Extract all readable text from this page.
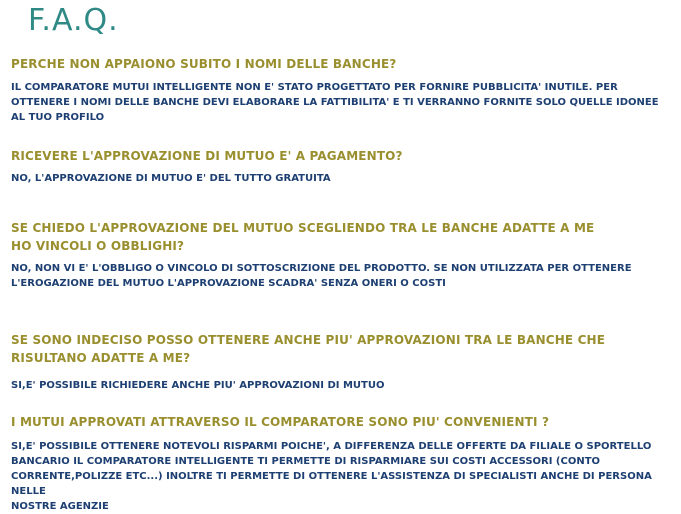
F.A.Q.
PERCHE NON APPAIONO SUBITO I NOMI DELLE BANCHE?
IL COMPARATORE MUTUI INTELLIGENTE NON E' STATO PROGETTATO PER FORNIRE PUBBLICITA' INUTILE. PER
OTTENERE I NOMI DELLE BANCHE DEVI ELABORARE LA FATTIBILITA' E TI VERRANNO FORNITE SOLO QUELLE IDONEE
AL TUO PROFILO
RICEVERE L'APPROVAZIONE DI MUTUO E' A PAGAMENTO?
NO, L'APPROVAZIONE DI MUTUO E' DEL TUTTO GRATUITA
SE CHIEDO L'APPROVAZIONE DEL MUTUO SCEGLIENDO TRA LE BANCHE ADATTE A ME
HO VINCOLI O OBBLIGHI?
NO, NON VI E' L'OBBLIGO O VINCOLO DI SOTTOSCRIZIONE DEL PRODOTTO. SE NON UTILIZZATA PER OTTENERE
L'EROGAZIONE DEL MUTUO L'APPROVAZIONE SCADRA' SENZA ONERI O COSTI
SE SONO INDECISO POSSO OTTENERE ANCHE PIU' APPROVAZIONI TRA LE BANCHE CHE
RISULTANO ADATTE A ME?
SI,E' POSSIBILE RICHIEDERE ANCHE PIU' APPROVAZIONI DI MUTUO
I MUTUI APPROVATI ATTRAVERSO IL COMPARATORE SONO PIU' CONVENIENTI ?
SI,E' POSSIBILE OTTENERE NOTEVOLI RISPARMI POICHE', A DIFFERENZA DELLE OFFERTE DA FILIALE O SPORTELLO
BANCARIO IL COMPARATORE INTELLIGENTE TI PERMETTE DI RISPARMIARE SUI COSTI ACCESSORI (CONTO
CORRENTE,POLIZZE ETC...) INOLTRE TI PERMETTE DI OTTENERE L'ASSISTENZA DI SPECIALISTI ANCHE DI PERSONA NELLE
NOSTRE AGENZIE
